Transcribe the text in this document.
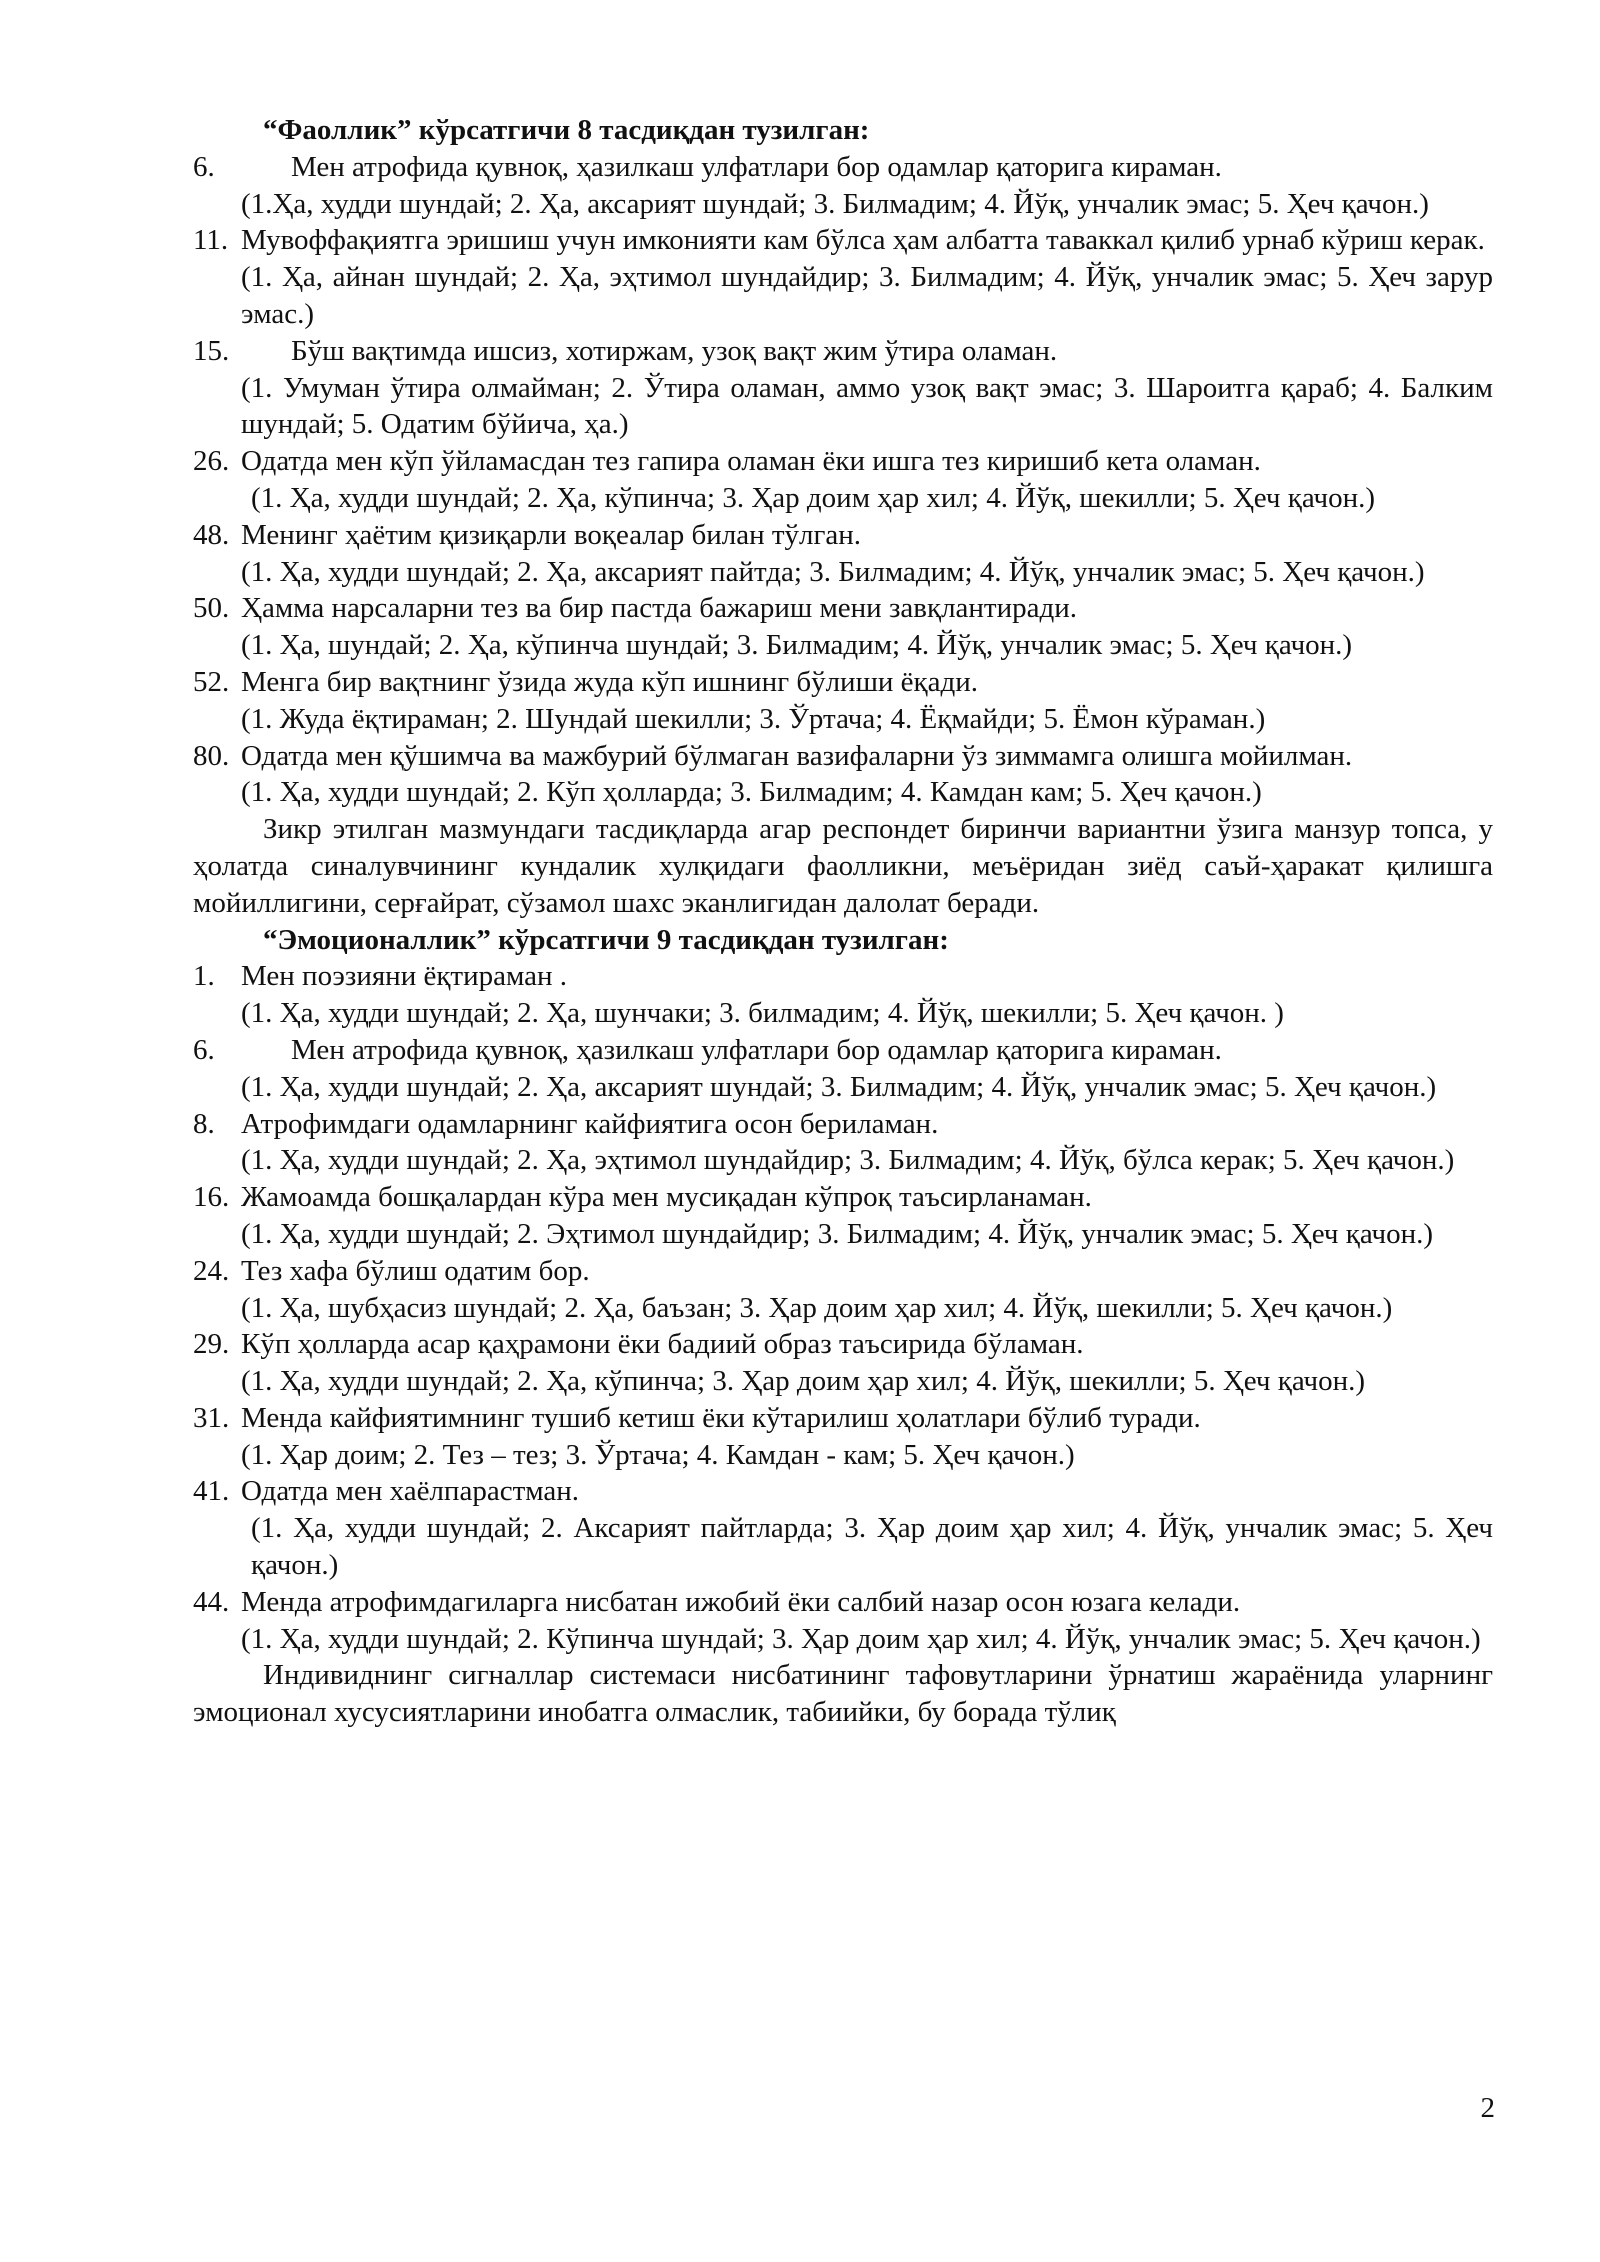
“Фаоллик” кўрсатгичи 8 тасдиқдан тузилган:

6.	Мен атрофида қувноқ, ҳазилкаш улфатлари бор одамлар қаторига кираман.

(1.Ҳа, худди шундай; 2. Ҳа, аксарият шундай; 3. Билмадим; 4. Йўқ, унчалик эмас; 5. Ҳеч қачон.)

11. Мувоффақиятга эришиш учун имконияти кам бўлса ҳам албатта таваккал қилиб урнаб кўриш керак.

(1. Ҳа, айнан шундай; 2. Ҳа, эҳтимол шундайдир; 3. Билмадим; 4. Йўқ, унчалик эмас; 5. Ҳеч зарур эмас.)

15.	Бўш вақтимда ишсиз, хотиржам, узоқ вақт жим ўтира оламан.

(1. Умуман ўтира олмайман; 2. Ўтира оламан, аммо узоқ вақт эмас; 3. Шароитга қараб; 4. Балким шундай; 5. Одатим бўйича, ҳа.)

26. Одатда мен кўп ўйламасдан тез гапира оламан ёки ишга тез киришиб кета оламан.

(1. Ҳа, худди шундай; 2. Ҳа, кўпинча; 3. Ҳар доим ҳар хил; 4. Йўқ, шекилли; 5. Ҳеч қачон.)

48. Менинг ҳаётим қизиқарли воқеалар билан тўлган.

(1. Ҳа, худди шундай; 2. Ҳа, аксарият пайтда; 3. Билмадим; 4. Йўқ, унчалик эмас; 5. Ҳеч қачон.)

50. Ҳамма нарсаларни тез ва бир пастда бажариш мени завқлантиради.

(1. Ҳа, шундай; 2. Ҳа, кўпинча шундай; 3. Билмадим; 4. Йўқ, унчалик эмас; 5. Ҳеч қачон.)

52. Менга бир вақтнинг ўзида жуда кўп ишнинг бўлиши ёқади.

(1. Жуда ёқтираман; 2. Шундай шекилли; 3. Ўртача; 4. Ёқмайди; 5. Ёмон кўраман.)

80. Одатда мен қўшимча ва мажбурий бўлмаган вазифаларни ўз зиммамга олишга мойилман.

(1. Ҳа, худди шундай; 2. Кўп ҳолларда; 3. Билмадим; 4. Камдан кам; 5. Ҳеч қачон.)

Зикр этилган мазмундаги тасдиқларда агар респондет биринчи вариантни ўзига манзур топса, у ҳолатда синалувчининг кундалик хулқидаги фаолликни, меъёридан зиёд саъй-ҳаракат қилишга мойиллигини, серғайрат, сўзамол шахс эканлигидан далолат беради.

“Эмоционаллик” кўрсатгичи 9 тасдиқдан тузилган:

1. Мен поэзияни ёқтираман .

(1. Ҳа, худди шундай; 2. Ҳа, шунчаки; 3. билмадим; 4. Йўқ, шекилли; 5. Ҳеч қачон. )

6.	Мен атрофида қувноқ, ҳазилкаш улфатлари бор одамлар қаторига кираман.

(1. Ҳа, худди шундай; 2. Ҳа, аксарият шундай; 3. Билмадим; 4. Йўқ, унчалик эмас; 5. Ҳеч қачон.)

8. Атрофимдаги одамларнинг кайфиятига осон бериламан.

(1. Ҳа, худди шундай; 2. Ҳа, эҳтимол шундайдир; 3. Билмадим; 4. Йўқ, бўлса керак; 5. Ҳеч қачон.)

16. Жамоамда бошқалардан кўра мен мусиқадан кўпроқ таъсирланаман.

(1. Ҳа, худди шундай; 2. Эҳтимол шундайдир; 3. Билмадим; 4. Йўқ, унчалик эмас; 5. Ҳеч қачон.)

24. Тез хафа бўлиш одатим бор.

(1. Ҳа, шубҳасиз шундай; 2. Ҳа, баъзан; 3. Ҳар доим ҳар хил; 4. Йўқ, шекилли; 5. Ҳеч қачон.)

29. Кўп ҳолларда асар қаҳрамони ёки бадиий образ таъсирида бўламан.

(1. Ҳа, худди шундай; 2. Ҳа, кўпинча; 3. Ҳар доим ҳар хил; 4. Йўқ, шекилли; 5. Ҳеч қачон.)

31. Менда кайфиятимнинг тушиб кетиш ёки кўтарилиш ҳолатлари бўлиб туради.

(1. Ҳар доим; 2. Тез – тез; 3. Ўртача; 4. Камдан - кам; 5. Ҳеч қачон.)

41. Одатда мен хаёлпарастман.

(1. Ҳа, худди шундай; 2. Аксарият пайтларда; 3. Ҳар доим ҳар хил; 4. Йўқ, унчалик эмас; 5. Ҳеч қачон.)

44. Менда атрофимдагиларга нисбатан ижобий ёки салбий назар осон юзага келади.

(1. Ҳа, худди шундай; 2. Кўпинча шундай; 3. Ҳар доим ҳар хил; 4. Йўқ, унчалик эмас; 5. Ҳеч қачон.)

Индивиднинг сигналлар системаси нисбатининг тафовутларини ўрнатиш жараёнида уларнинг эмоционал хусусиятларини инобатга олмаслик, табиийки, бу борада тўлиқ

2
